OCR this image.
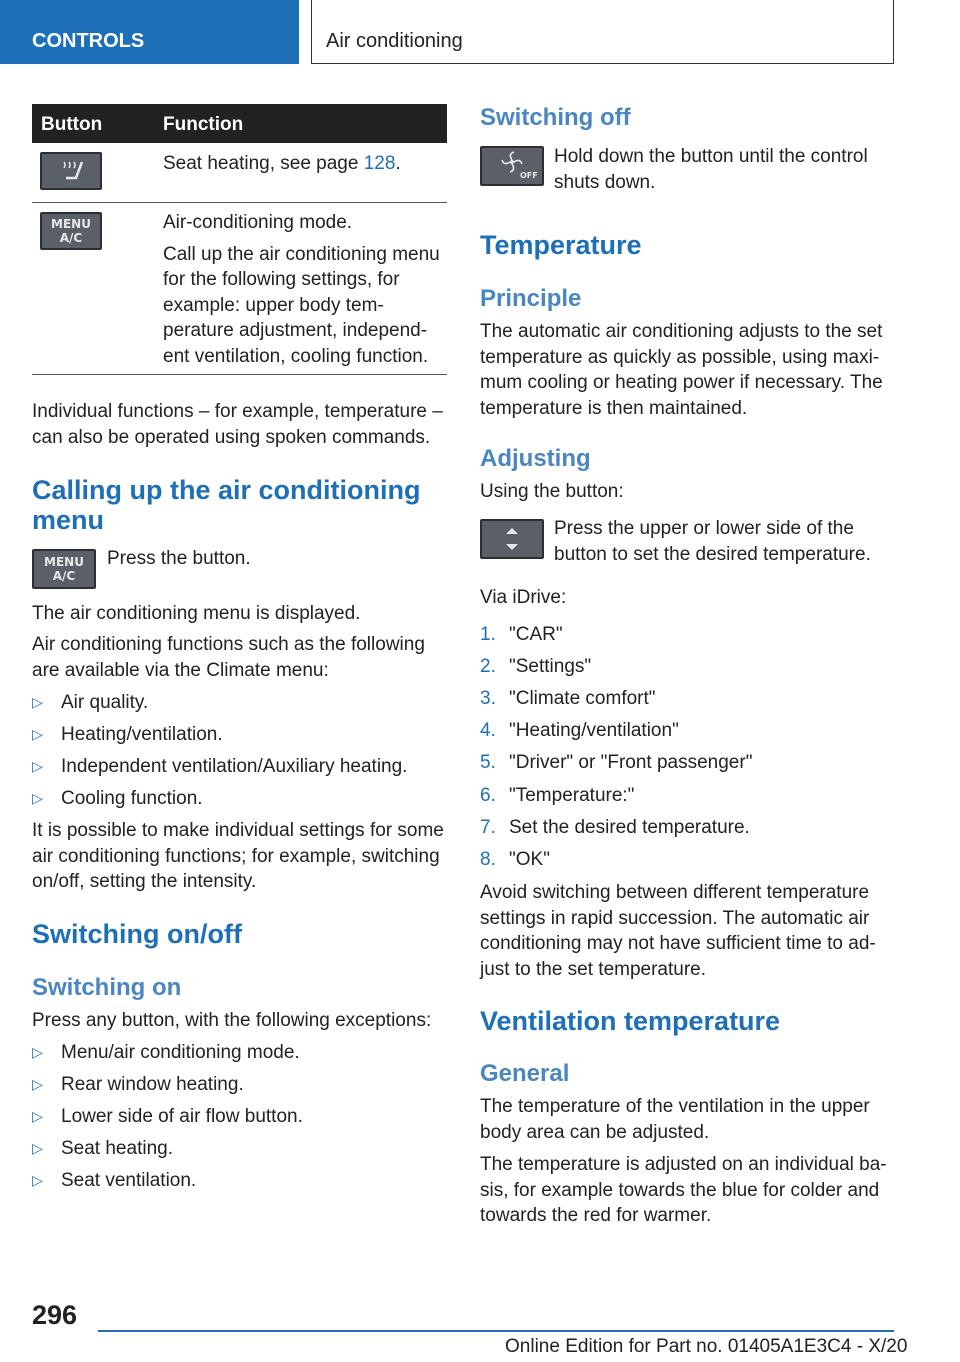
CONTROLS	Air conditioning
Button	Function
Seat heating, see page 128.
MENU
A/C

Air-conditioning mode.

Call up the air conditioning menu for the following settings, for example: upper body tem-perature adjustment, independ-ent ventilation, cooling function.

Individual functions – for example, temperature – can also be operated using spoken commands.
Calling up the air conditioning menu
MENU
A/C
Press the button.
The air conditioning menu is displayed.
Air conditioning functions such as the following are available via the Climate menu:
▷ Air quality.
▷ Heating/ventilation.
▷ Independent ventilation/Auxiliary heating.
▷ Cooling function.
It is possible to make individual settings for some air conditioning functions; for example, switching on/off, setting the intensity.
Switching on/off
Switching on
Press any button, with the following exceptions:
▷ Menu/air conditioning mode.
▷ Rear window heating.
▷ Lower side of air flow button.
▷ Seat heating.
▷ Seat ventilation.
Switching off
OFF
Hold down the button until the control shuts down.
Temperature
Principle
The automatic air conditioning adjusts to the set temperature as quickly as possible, using maxi-mum cooling or heating power if necessary. The temperature is then maintained.
Adjusting
Using the button:
Press the upper or lower side of the button to set the desired temperature.
Via iDrive:
1. "CAR"
2. "Settings"
3. "Climate comfort"
4. "Heating/ventilation"
5. "Driver" or "Front passenger"
6. "Temperature:"
7. Set the desired temperature.
8. "OK"
Avoid switching between different temperature settings in rapid succession. The automatic air conditioning may not have sufficient time to ad-just to the set temperature.
Ventilation temperature
General
The temperature of the ventilation in the upper body area can be adjusted.
The temperature is adjusted on an individual ba-sis, for example towards the blue for colder and towards the red for warmer.
296
Online Edition for Part no. 01405A1E3C4 - X/20
